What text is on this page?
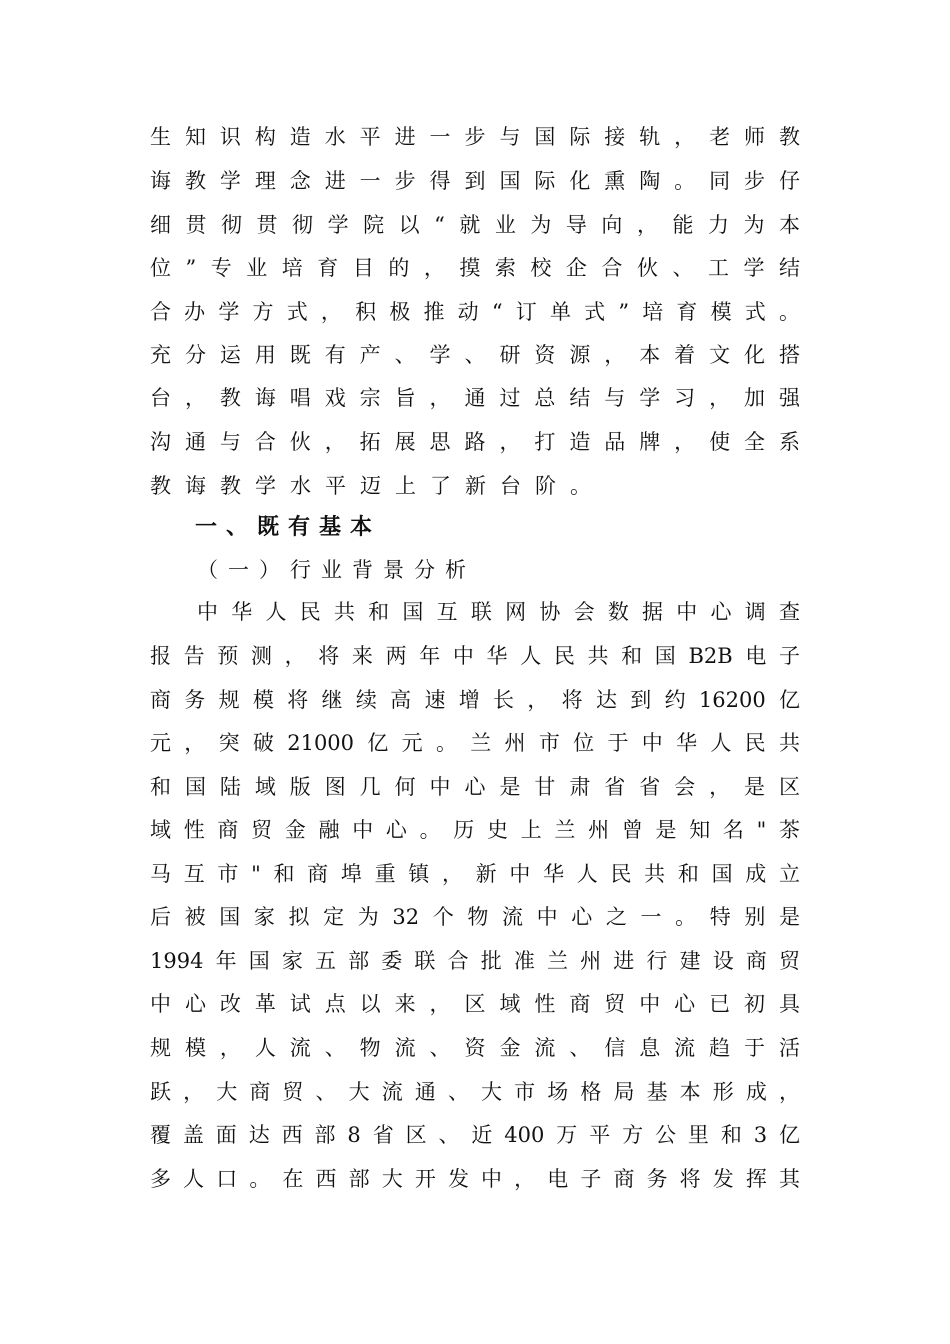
生知识构造水平进一步与国际接轨，老师教
诲教学理念进一步得到国际化熏陶。同步仔
细贯彻贯彻学院以“就业为导向，能力为本
位”专业培育目的，摸索校企合伙、工学结
合办学方式，积极推动“订单式”培育模式。
充分运用既有产、学、研资源，本着文化搭
台，教诲唱戏宗旨，通过总结与学习，加强
沟通与合伙，拓展思路，打造品牌，使全系
教诲教学水平迈上了新台阶。
一、既有基本
（一）行业背景分析
中华人民共和国互联网协会数据中心调查
报告预测，将来两年中华人民共和国B2B电子
商务规模将继续高速增长，将达到约16200亿
元，突破21000亿元。兰州市位于中华人民共
和国陆域版图几何中心是甘肃省省会，是区
域性商贸金融中心。历史上兰州曾是知名"茶
马互市"和商埠重镇，新中华人民共和国成立
后被国家拟定为32个物流中心之一。特别是
1994年国家五部委联合批准兰州进行建设商贸
中心改革试点以来，区域性商贸中心已初具
规模，人流、物流、资金流、信息流趋于活
跃，大商贸、大流通、大市场格局基本形成，
覆盖面达西部8省区、近400万平方公里和3亿
多人口。在西部大开发中，电子商务将发挥其
